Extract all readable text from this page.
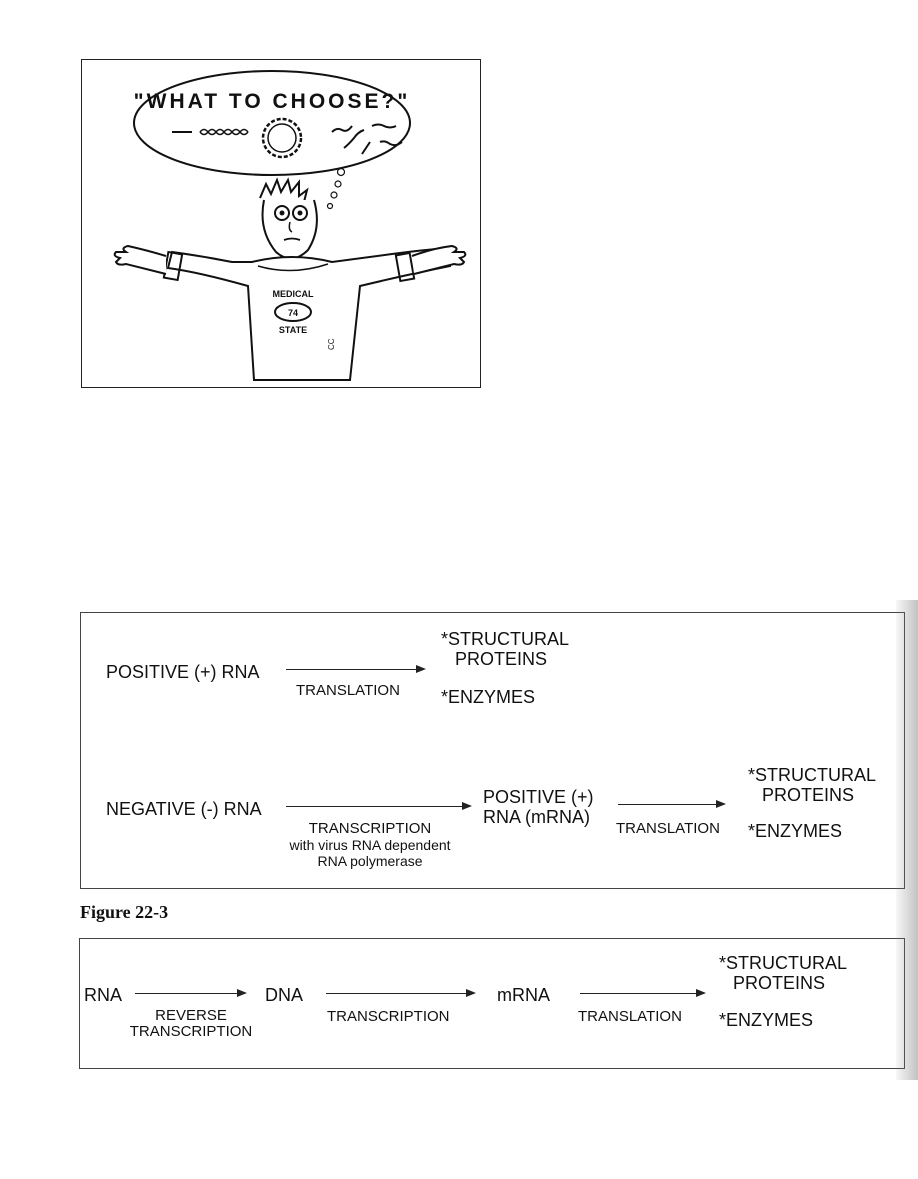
"WHAT TO CHOOSE?"
MEDICAL
74
STATE
CC
POSITIVE (+) RNA
TRANSLATION
*STRUCTURAL
PROTEINS
*ENZYMES
NEGATIVE (-) RNA
TRANSCRIPTION
with virus RNA dependent
RNA polymerase
POSITIVE (+)
RNA (mRNA)
TRANSLATION
*STRUCTURAL
PROTEINS
*ENZYMES
Figure 22-3
RNA
REVERSE
TRANSCRIPTION
DNA
TRANSCRIPTION
mRNA
TRANSLATION
*STRUCTURAL
PROTEINS
*ENZYMES
